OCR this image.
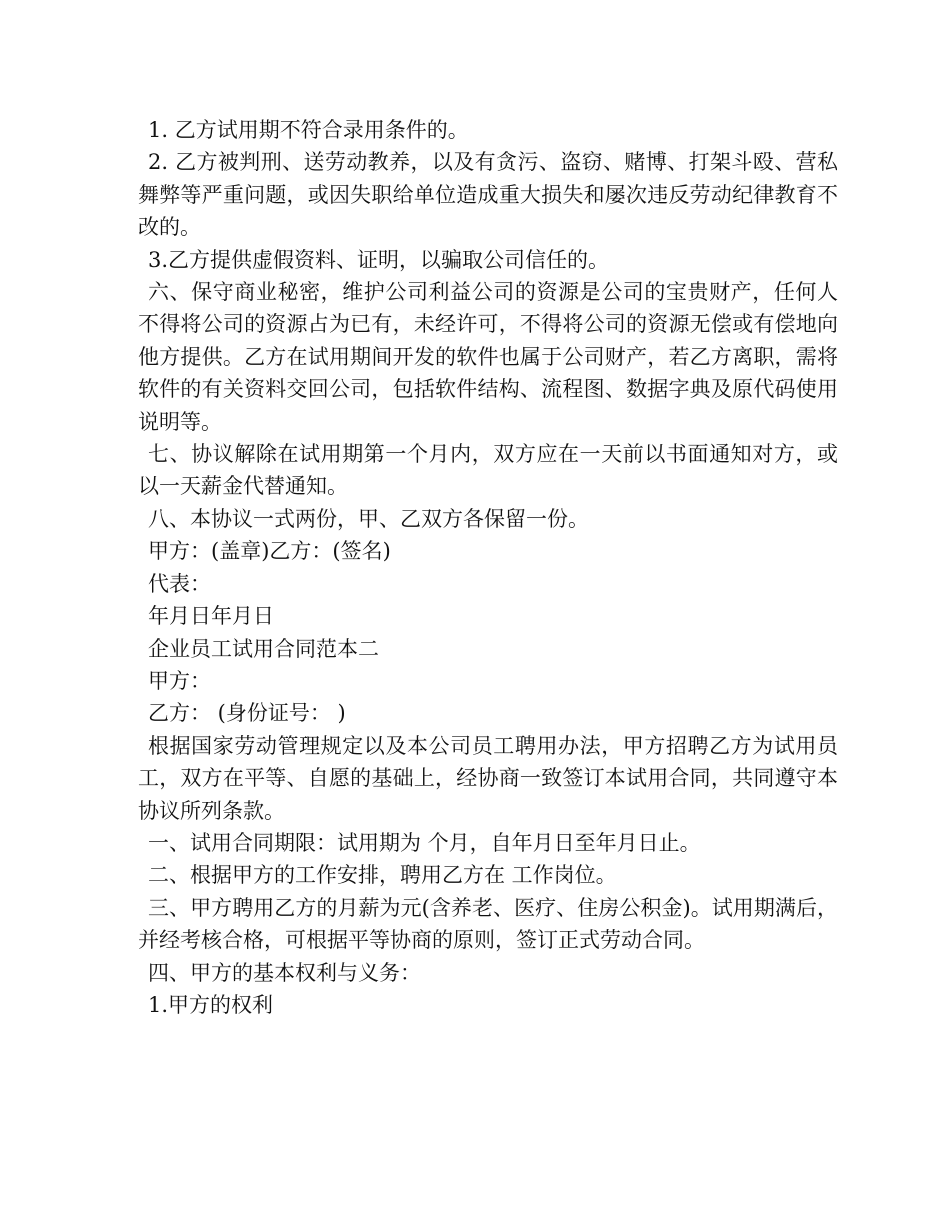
1. 乙方试用期不符合录用条件的。

2. 乙方被判刑、送劳动教养，以及有贪污、盗窃、赌博、打架斗殴、营私舞弊等严重问题，或因失职给单位造成重大损失和屡次违反劳动纪律教育不改的。

3.乙方提供虚假资料、证明，以骗取公司信任的。

六、保守商业秘密，维护公司利益公司的资源是公司的宝贵财产，任何人不得将公司的资源占为已有，未经许可，不得将公司的资源无偿或有偿地向他方提供。乙方在试用期间开发的软件也属于公司财产，若乙方离职，需将软件的有关资料交回公司，包括软件结构、流程图、数据字典及原代码使用说明等。

七、协议解除在试用期第一个月内，双方应在一天前以书面通知对方，或以一天薪金代替通知。

八、本协议一式两份，甲、乙双方各保留一份。

甲方：(盖章)乙方：(签名)

代表：

年月日年月日

企业员工试用合同范本二

甲方：

乙方： (身份证号： )

根据国家劳动管理规定以及本公司员工聘用办法，甲方招聘乙方为试用员工，双方在平等、自愿的基础上，经协商一致签订本试用合同，共同遵守本协议所列条款。

一、试用合同期限：试用期为 个月，自年月日至年月日止。

二、根据甲方的工作安排，聘用乙方在 工作岗位。

三、甲方聘用乙方的月薪为元(含养老、医疗、住房公积金)。试用期满后，并经考核合格，可根据平等协商的原则，签订正式劳动合同。

四、甲方的基本权利与义务：

1.甲方的权利
